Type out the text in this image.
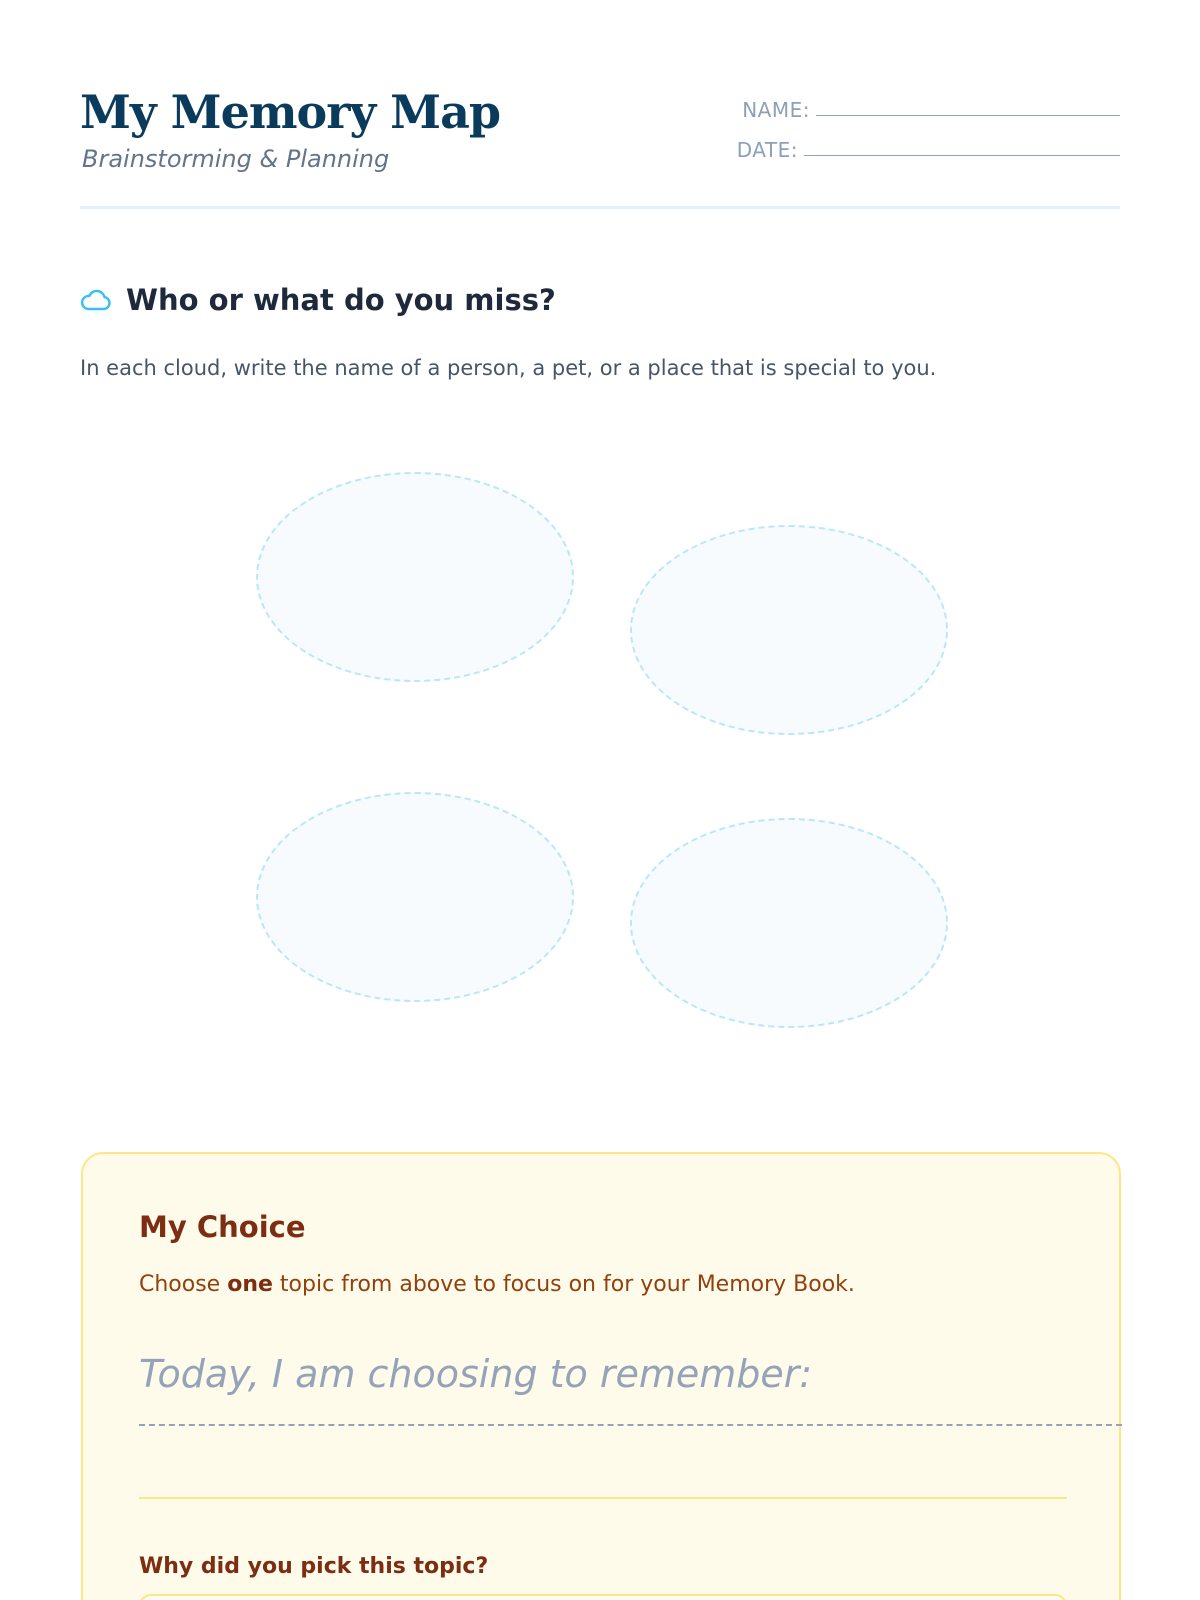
My Memory Map
Brainstorming & Planning
NAME:
DATE:
Who or what do you miss?
In each cloud, write the name of a person, a pet, or a place that is special to you.
My Choice
Choose one topic from above to focus on for your Memory Book.
Today, I am choosing to remember:
Why did you pick this topic?
